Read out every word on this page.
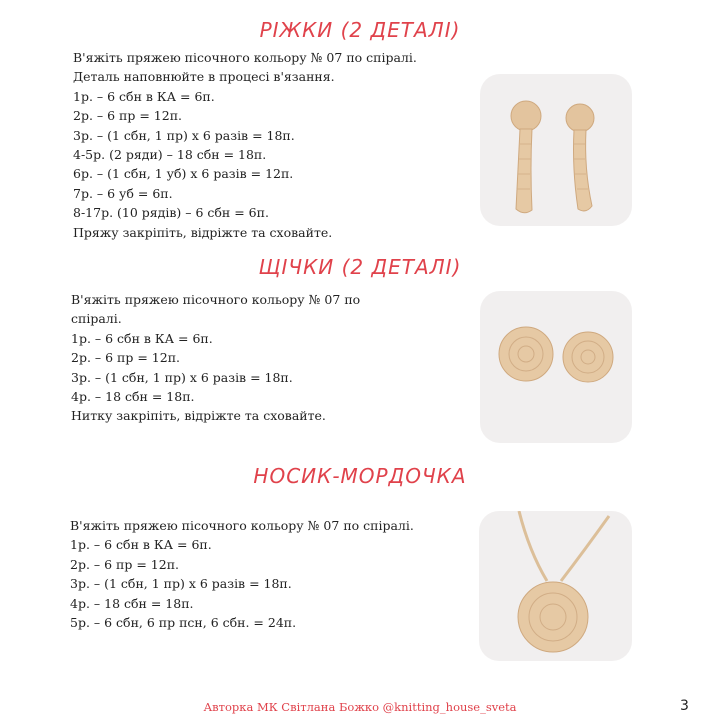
РІЖКИ (2 ДЕТАЛІ)
В'яжіть пряжею пісочного кольору № 07 по спіралі.
Деталь наповнюйте в процесі в'язання.
1р. – 6 сбн в КА = 6п.
2р. – 6 пр = 12п.
3р. – (1 сбн, 1 пр) х 6 разів = 18п.
4-5р. (2 ряди) – 18 сбн = 18п.
6р. – (1 сбн, 1 уб) х 6 разів = 12п.
7р. – 6 уб = 6п.
8-17р. (10 рядів) – 6 сбн = 6п.
Пряжу закріпіть, відріжте та сховайте.
ЩІЧКИ (2 ДЕТАЛІ)
В'яжіть пряжею пісочного кольору № 07 по
спіралі.
1р. – 6 сбн в КА = 6п.
2р. – 6 пр = 12п.
3р. – (1 сбн, 1 пр) х 6 разів = 18п.
4р. – 18 сбн = 18п.
Нитку закріпіть, відріжте та сховайте.
НОСИК-МОРДОЧКА
В'яжіть пряжею пісочного кольору № 07 по спіралі.
1р. – 6 сбн в КА = 6п.
2р. – 6 пр = 12п.
3р. – (1 сбн, 1 пр) х 6 разів = 18п.
4р. – 18 сбн = 18п.
5р. – 6 сбн, 6 пр псн, 6 сбн. = 24п.
Авторка МК Світлана Божко @knitting_house_sveta	3
